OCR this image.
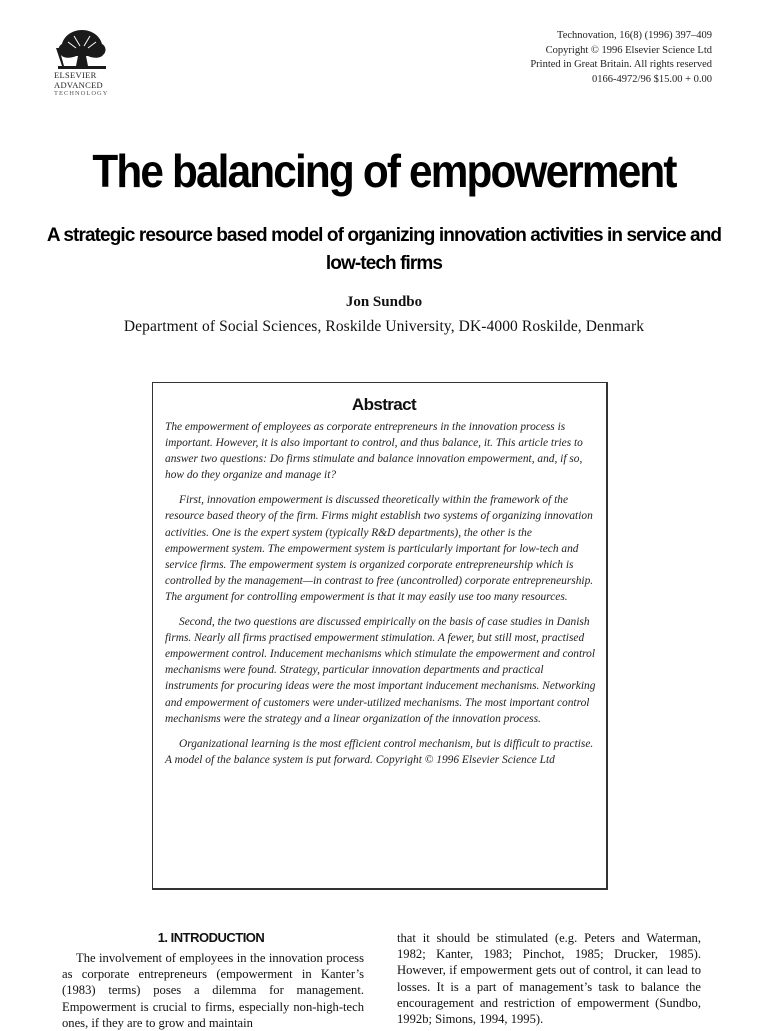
ELSEVIER
ADVANCED
TECHNOLOGY
Technovation, 16(8) (1996) 397–409
Copyright © 1996 Elsevier Science Ltd
Printed in Great Britain. All rights reserved
0166-4972/96 $15.00 + 0.00
The balancing of empowerment
A strategic resource based model of organizing innovation activities in service and low-tech firms
Jon Sundbo
Department of Social Sciences, Roskilde University, DK-4000 Roskilde, Denmark
Abstract

The empowerment of employees as corporate entrepreneurs in the innovation process is important. However, it is also important to control, and thus balance, it. This article tries to answer two questions: Do firms stimulate and balance innovation empowerment, and, if so, how do they organize and manage it?

First, innovation empowerment is discussed theoretically within the framework of the resource based theory of the firm. Firms might establish two systems of organizing innovation activities. One is the expert system (typically R&D departments), the other is the empowerment system. The empowerment system is particularly important for low-tech and service firms. The empowerment system is organized corporate entrepreneurship which is controlled by the management—in contrast to free (uncontrolled) corporate entrepreneurship. The argument for controlling empowerment is that it may easily use too many resources.

Second, the two questions are discussed empirically on the basis of case studies in Danish firms. Nearly all firms practised empowerment stimulation. A fewer, but still most, practised empowerment control. Inducement mechanisms which stimulate the empowerment and control mechanisms were found. Strategy, particular innovation departments and practical instruments for procuring ideas were the most important inducement mechanisms. Networking and empowerment of customers were under-utilized mechanisms. The most important control mechanisms were the strategy and a linear organization of the innovation process.

Organizational learning is the most efficient control mechanism, but is difficult to practise. A model of the balance system is put forward. Copyright © 1996 Elsevier Science Ltd

1. INTRODUCTION
The involvement of employees in the innovation process as corporate entrepreneurs (empowerment in Kanter’s (1983) terms) poses a dilemma for management. Empowerment is crucial to firms, especially non-high-tech ones, if they are to grow and maintain
that it should be stimulated (e.g. Peters and Waterman, 1982; Kanter, 1983; Pinchot, 1985; Drucker, 1985). However, if empowerment gets out of control, it can lead to losses. It is a part of management’s task to balance the encouragement and restriction of empowerment (Sundbo, 1992b; Simons, 1994, 1995).
